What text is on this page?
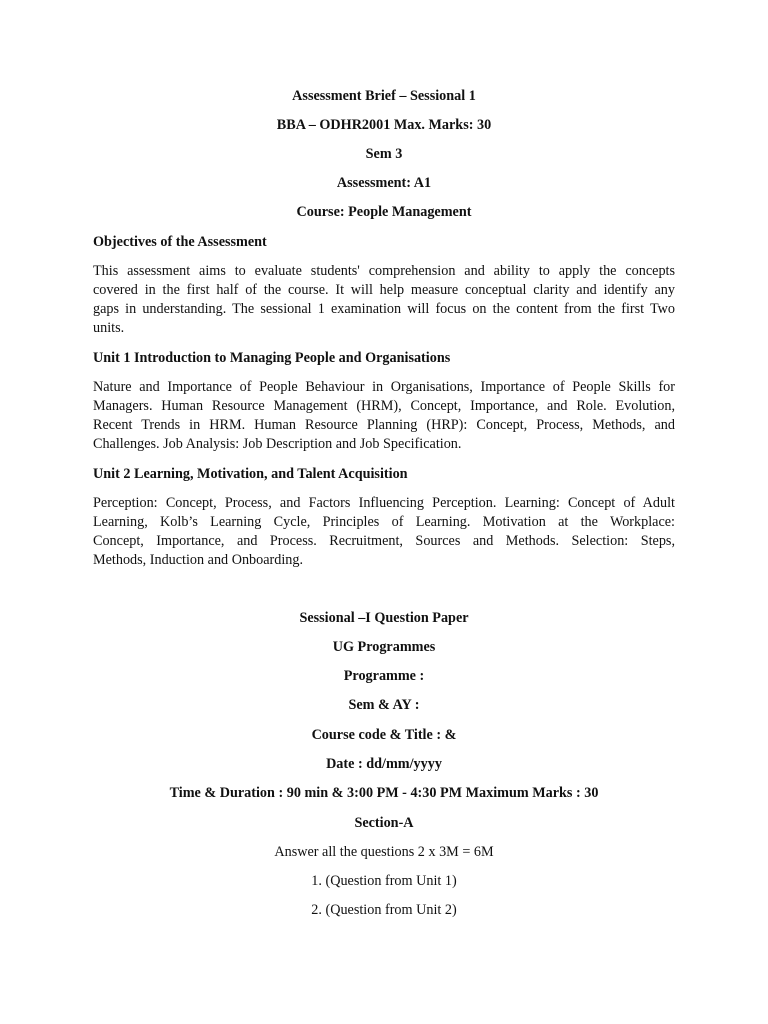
Assessment Brief – Sessional 1
BBA – ODHR2001 Max. Marks: 30
Sem 3
Assessment: A1
Course: People Management
Objectives of the Assessment
This assessment aims to evaluate students' comprehension and ability to apply the concepts
covered in the first half of the course. It will help measure conceptual clarity and identify any
gaps in understanding. The sessional 1 examination will focus on the content from the first Two
units.
Unit 1 Introduction to Managing People and Organisations
Nature and Importance of People Behaviour in Organisations, Importance of People Skills for
Managers. Human Resource Management (HRM), Concept, Importance, and Role. Evolution,
Recent Trends in HRM. Human Resource Planning (HRP): Concept, Process, Methods, and
Challenges. Job Analysis: Job Description and Job Specification.
Unit 2 Learning, Motivation, and Talent Acquisition
Perception: Concept, Process, and Factors Influencing Perception. Learning: Concept of Adult
Learning, Kolb’s Learning Cycle, Principles of Learning. Motivation at the Workplace:
Concept, Importance, and Process. Recruitment, Sources and Methods. Selection: Steps,
Methods, Induction and Onboarding.
Sessional –I Question Paper
UG Programmes
Programme :
Sem & AY :
Course code & Title : &
Date : dd/mm/yyyy
Time & Duration : 90 min & 3:00 PM - 4:30 PM Maximum Marks : 30
Section-A
Answer all the questions 2 x 3M = 6M
1. (Question from Unit 1)
2. (Question from Unit 2)
